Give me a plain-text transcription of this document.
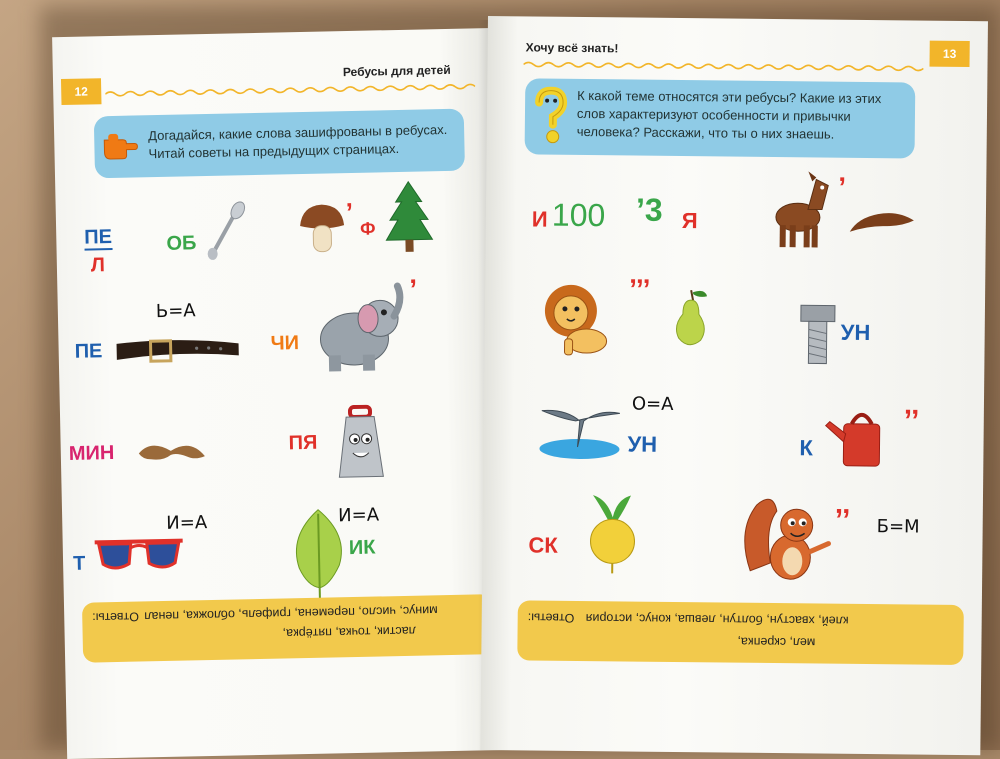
12
Ребусы для детей
Догадайся, какие слова зашифрованы в ребусах.
Читай советы на предыдущих страницах.
ПЕ
Л
ОБ
’
Ф
Ь=А
ПЕ	ЧИ
’
МИН	ПЯ
И=А
Т
И=А
ИК
Ответы: минус, число, перемена, грифель, обложка, пенал
ластик, точка, пятёрка,
Хочу всё знать!	13
К какой теме относятся эти ребусы? Какие из этих
слов характеризуют особенности и привычки
человека? Расскажи, что ты о них знаешь.
И 100 ’3 Я
’
’’’
УН
О=А
УН	К
’’
СК
’’ Б=М
Ответы: клей, хвастун, болтун, левша, конус, история
мел, скрепка,
